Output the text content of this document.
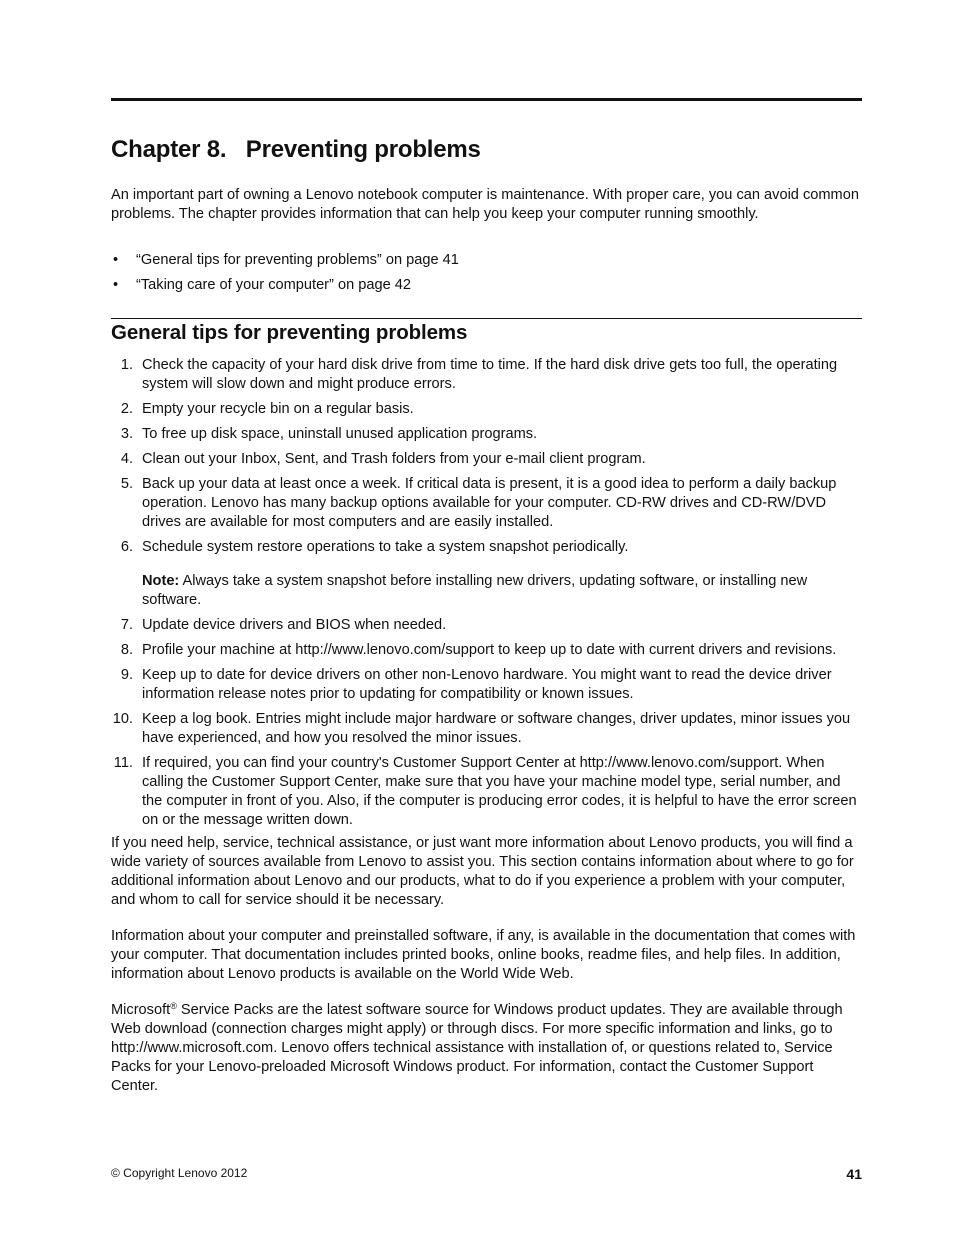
Chapter 8.   Preventing problems

An important part of owning a Lenovo notebook computer is maintenance. With proper care, you can avoid common problems. The chapter provides information that can help you keep your computer running smoothly.

• “General tips for preventing problems” on page 41
• “Taking care of your computer” on page 42
General tips for preventing problems
1. Check the capacity of your hard disk drive from time to time. If the hard disk drive gets too full, the operating system will slow down and might produce errors.
2. Empty your recycle bin on a regular basis.
3. To free up disk space, uninstall unused application programs.
4. Clean out your Inbox, Sent, and Trash folders from your e-mail client program.
5. Back up your data at least once a week. If critical data is present, it is a good idea to perform a daily backup operation. Lenovo has many backup options available for your computer. CD-RW drives and CD-RW/DVD drives are available for most computers and are easily installed.
6. Schedule system restore operations to take a system snapshot periodically.
Note: Always take a system snapshot before installing new drivers, updating software, or installing new software.
7. Update device drivers and BIOS when needed.
8. Profile your machine at http://www.lenovo.com/support to keep up to date with current drivers and revisions.
9. Keep up to date for device drivers on other non-Lenovo hardware. You might want to read the device driver information release notes prior to updating for compatibility or known issues.
10. Keep a log book. Entries might include major hardware or software changes, driver updates, minor issues you have experienced, and how you resolved the minor issues.
11. If required, you can find your country's Customer Support Center at http://www.lenovo.com/support. When calling the Customer Support Center, make sure that you have your machine model type, serial number, and the computer in front of you. Also, if the computer is producing error codes, it is helpful to have the error screen on or the message written down.

If you need help, service, technical assistance, or just want more information about Lenovo products, you will find a wide variety of sources available from Lenovo to assist you. This section contains information about where to go for additional information about Lenovo and our products, what to do if you experience a problem with your computer, and whom to call for service should it be necessary.

Information about your computer and preinstalled software, if any, is available in the documentation that comes with your computer. That documentation includes printed books, online books, readme files, and help files. In addition, information about Lenovo products is available on the World Wide Web.

Microsoft® Service Packs are the latest software source for Windows product updates. They are available through Web download (connection charges might apply) or through discs. For more specific information and links, go to http://www.microsoft.com. Lenovo offers technical assistance with installation of, or questions related to, Service Packs for your Lenovo-preloaded Microsoft Windows product. For information, contact the Customer Support Center.

© Copyright Lenovo 2012	41
